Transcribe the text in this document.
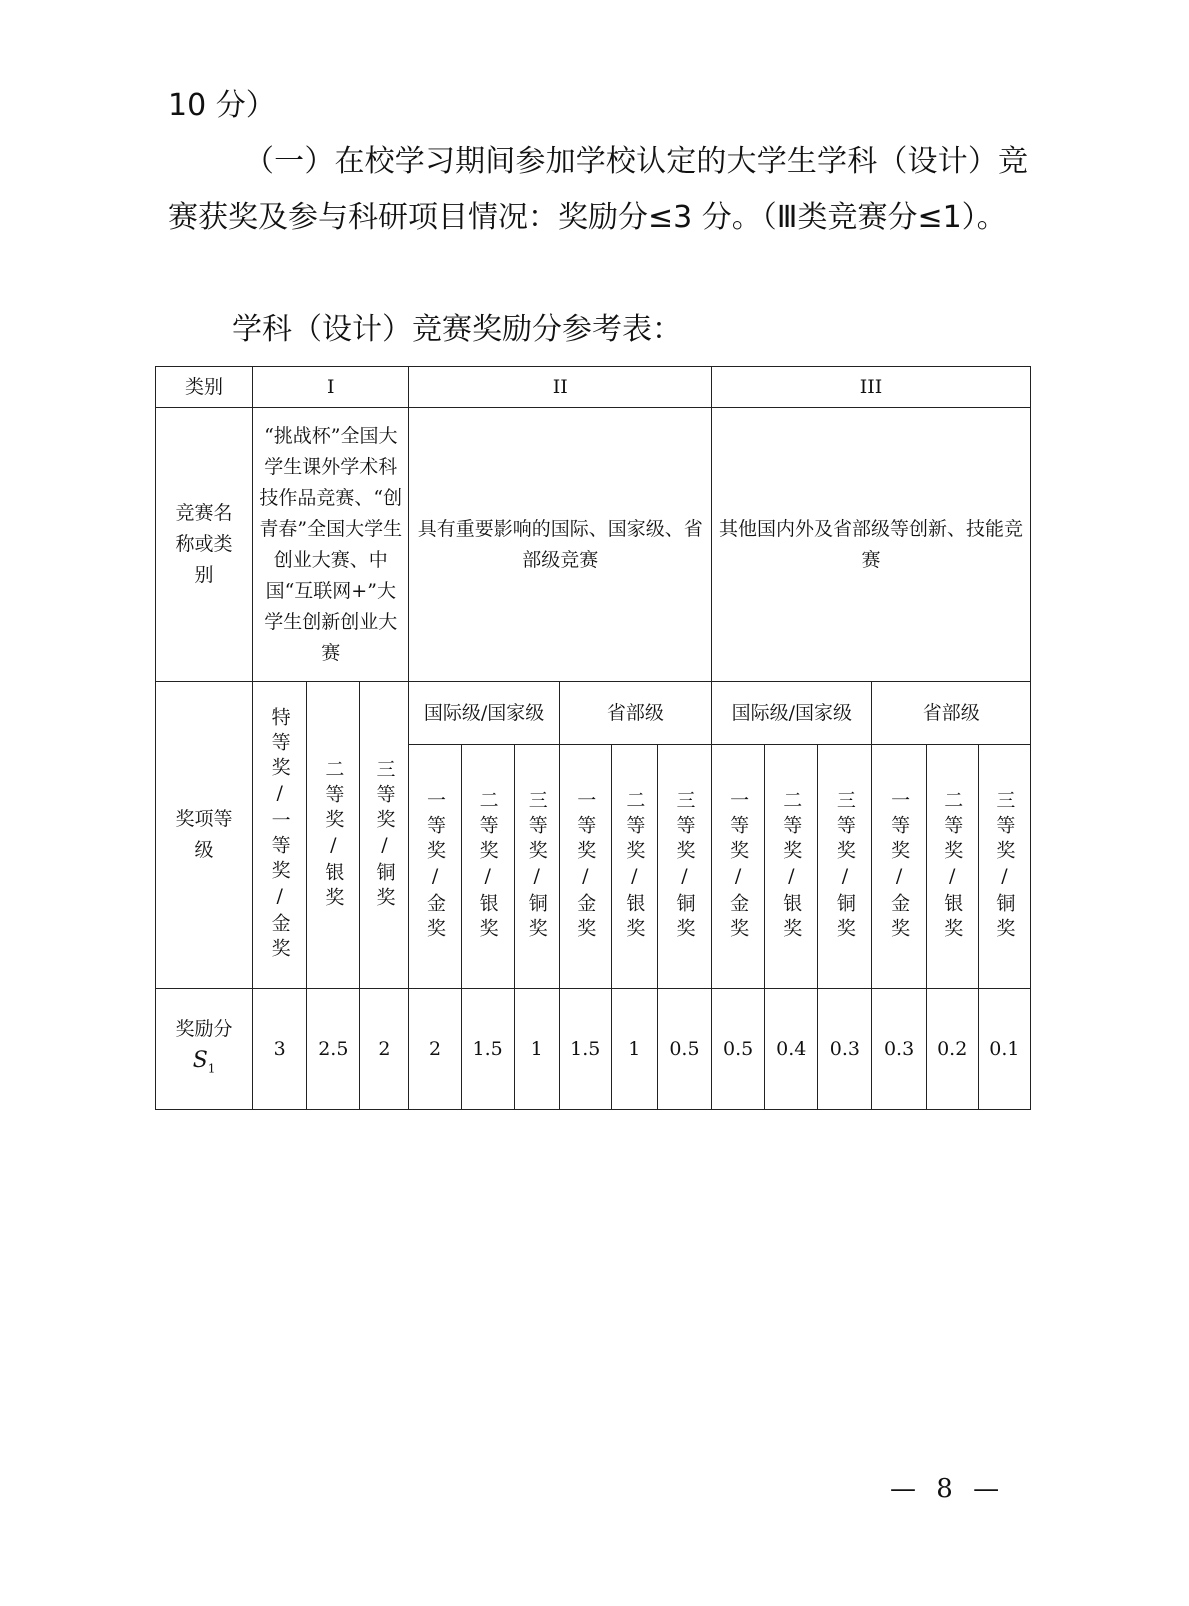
10 分）

（一）在校学习期间参加学校认定的大学生学科（设计）竞赛获奖及参与科研项目情况：奖励分≤3 分。（Ⅲ类竞赛分≤1）。

学科（设计）竞赛奖励分参考表：

类别	I			II						III					

竞赛名称或类别	“挑战杯”全国大学生课外学术科技作品竞赛、“创青春”全国大学生创业大赛、中国“互联网+”大学生创新创业大赛			具有重要影响的国际、国家级、省部级竞赛						其他国内外及省部级等创新、技能竞赛					

奖项等级	特等奖/一等奖/金奖	二等奖/银奖	三等奖/铜奖	国际级/国家级			省部级			国际级/国家级			省部级		
				一等奖/金奖	二等奖/银奖	三等奖/铜奖	一等奖/金奖	二等奖/银奖	三等奖/铜奖	一等奖/金奖	二等奖/银奖	三等奖/铜奖	一等奖/金奖	二等奖/银奖	三等奖/铜奖

奖励分
$S_1$	3	2.5	2	2	1.5	1	1.5	1	0.5	0.5	0.4	0.3	0.3	0.2	0.1
— 8 —
